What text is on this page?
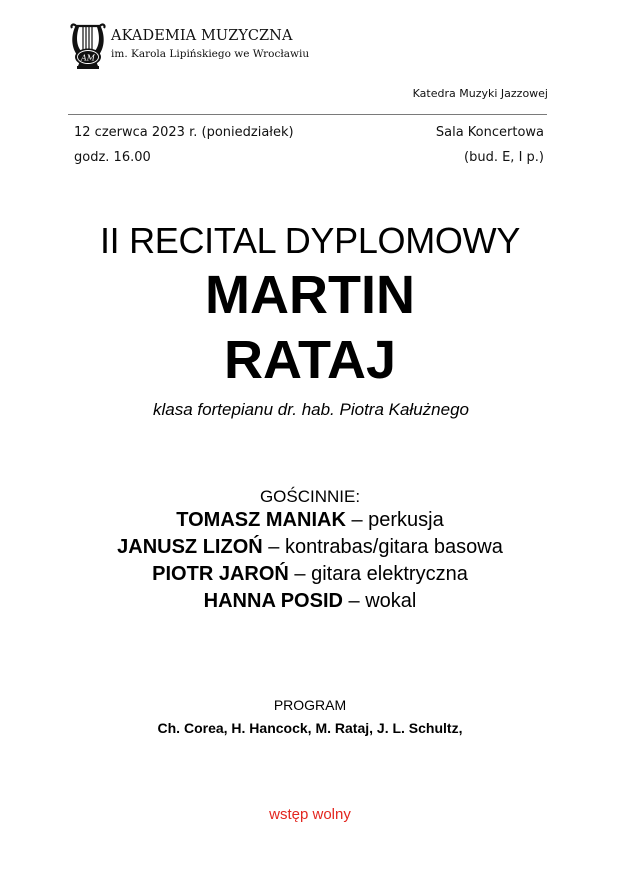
AM
AKADEMIA MUZYCZNA
im. Karola Lipińskiego we Wrocławiu
Katedra Muzyki Jazzowej
12 czerwca 2023 r. (poniedziałek)
godz. 16.00
Sala Koncertowa
(bud. E, I p.)
II RECITAL DYPLOMOWY
MARTIN
RATAJ
klasa fortepianu dr. hab. Piotra Kałużnego
GOŚCINNIE:
TOMASZ MANIAK – perkusja
JANUSZ LIZOŃ – kontrabas/gitara basowa
PIOTR JAROŃ – gitara elektryczna
HANNA POSID – wokal
PROGRAM
Ch. Corea, H. Hancock, M. Rataj, J. L. Schultz,
wstęp wolny
